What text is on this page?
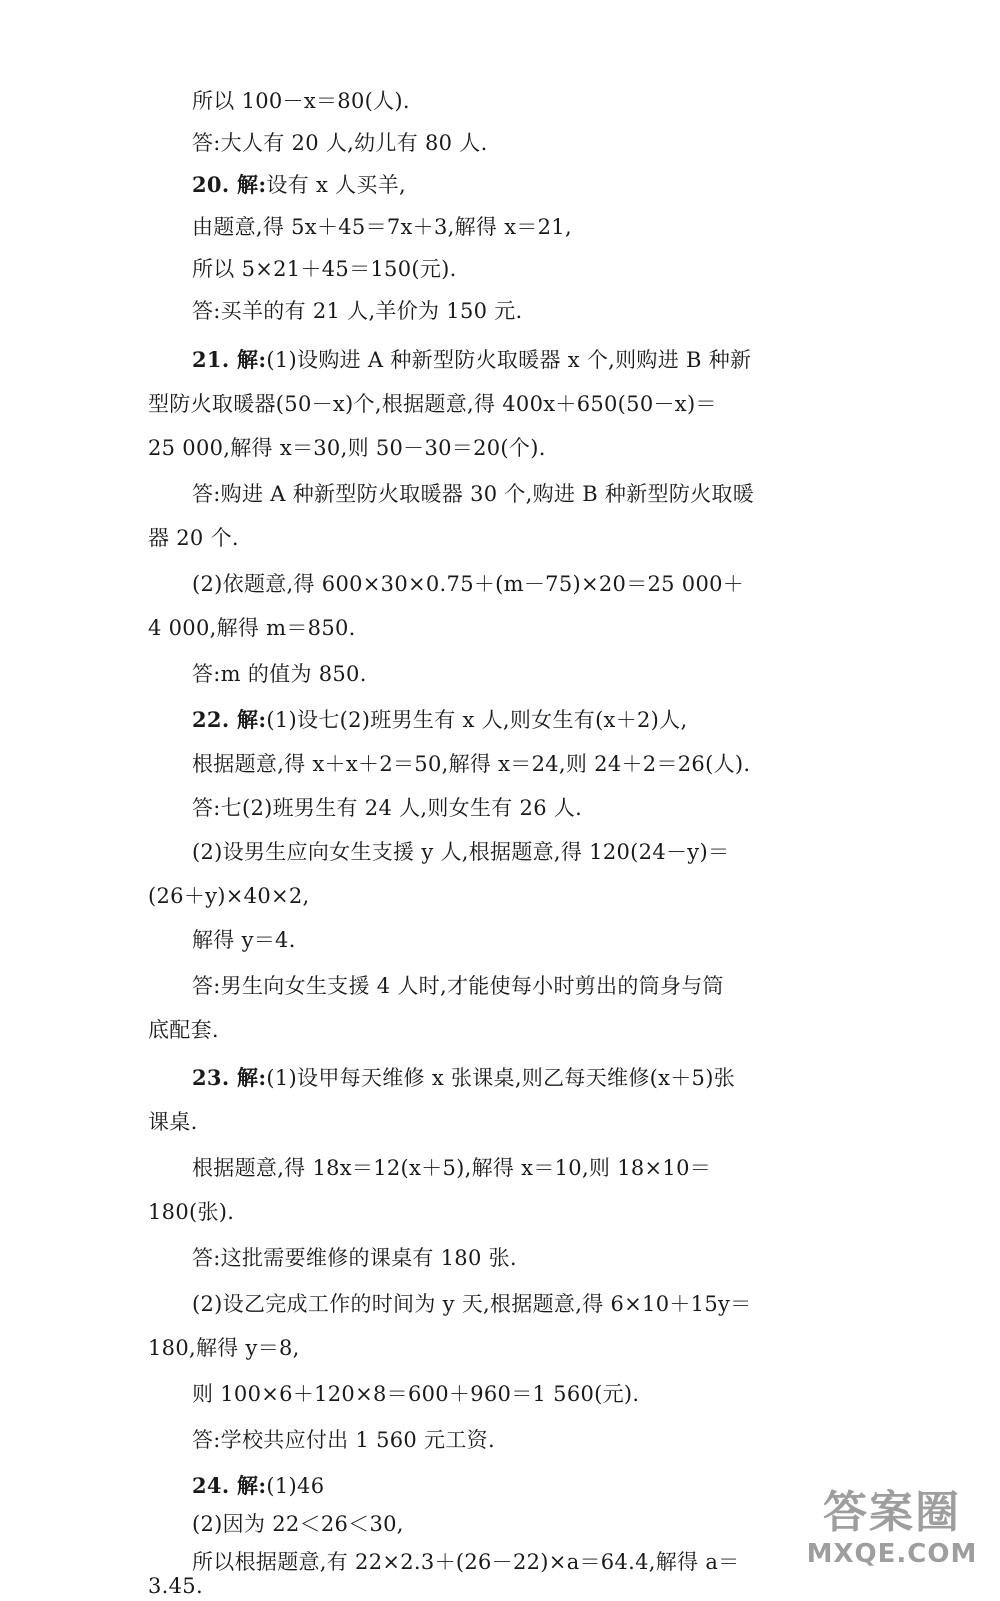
所以 100－x＝80(人).
答:大人有 20 人,幼儿有 80 人.
20. 解:设有 x 人买羊,
由题意,得 5x＋45＝7x＋3,解得 x＝21,
所以 5×21＋45＝150(元).
答:买羊的有 21 人,羊价为 150 元.
21. 解:(1)设购进 A 种新型防火取暖器 x 个,则购进 B 种新
型防火取暖器(50－x)个,根据题意,得 400x＋650(50－x)＝
25 000,解得 x＝30,则 50－30＝20(个).
答:购进 A 种新型防火取暖器 30 个,购进 B 种新型防火取暖
器 20 个.
(2)依题意,得 600×30×0.75＋(m－75)×20＝25 000＋
4 000,解得 m＝850.
答:m 的值为 850.
22. 解:(1)设七(2)班男生有 x 人,则女生有(x＋2)人,
根据题意,得 x＋x＋2＝50,解得 x＝24,则 24＋2＝26(人).
答:七(2)班男生有 24 人,则女生有 26 人.
(2)设男生应向女生支援 y 人,根据题意,得 120(24－y)＝
(26＋y)×40×2,
解得 y＝4.
答:男生向女生支援 4 人时,才能使每小时剪出的筒身与筒
底配套.
23. 解:(1)设甲每天维修 x 张课桌,则乙每天维修(x＋5)张
课桌.
根据题意,得 18x＝12(x＋5),解得 x＝10,则 18×10＝
180(张).
答:这批需要维修的课桌有 180 张.
(2)设乙完成工作的时间为 y 天,根据题意,得 6×10＋15y＝
180,解得 y＝8,
则 100×6＋120×8＝600＋960＝1 560(元).
答:学校共应付出 1 560 元工资.
24. 解:(1)46
(2)因为 22＜26＜30,
所以根据题意,有 22×2.3＋(26－22)×a＝64.4,解得 a＝
3.45.
答案圈
MXQE.COM
